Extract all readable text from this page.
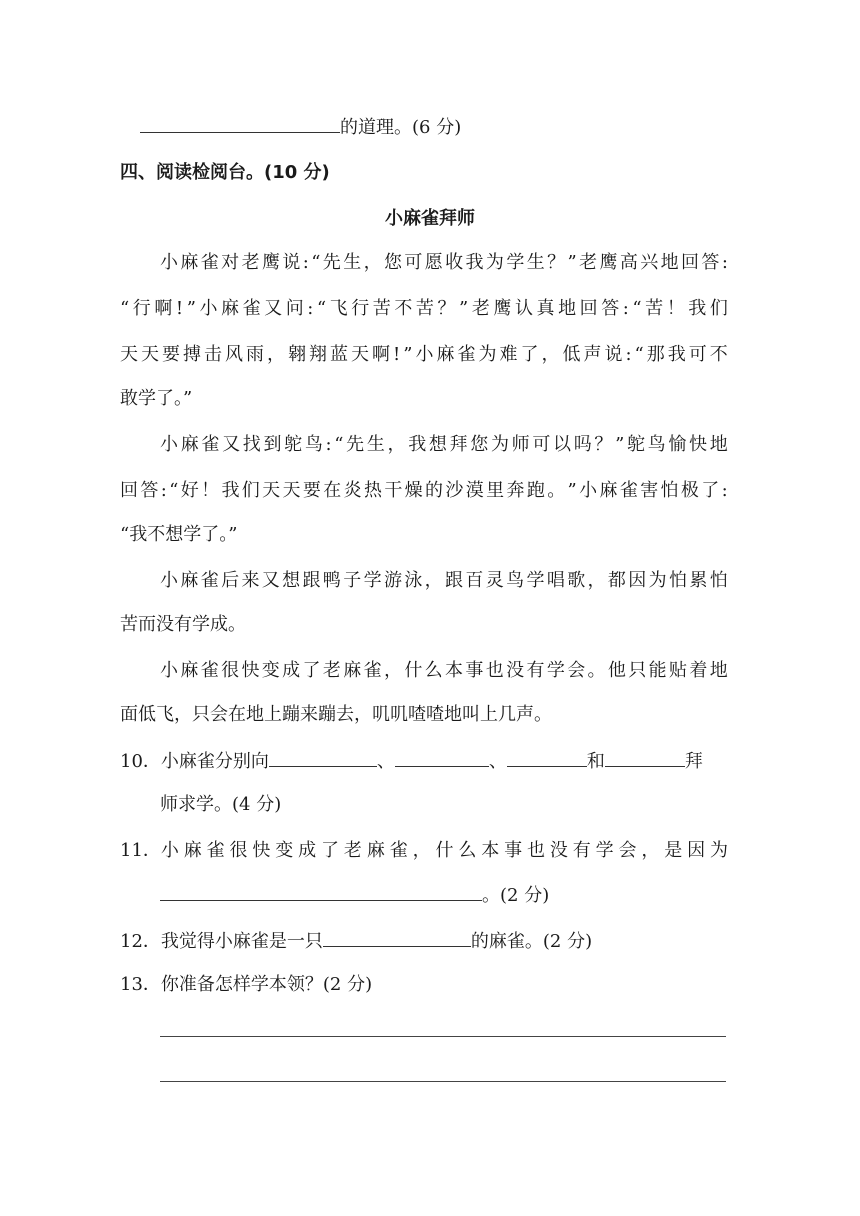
的道理。(6 分)
四、阅读检阅台。(10 分)
小麻雀拜师
小 麻 雀 对 老 鹰 说 : “ 先 生 ， 您 可 愿 收 我 为 学 生 ？ ” 老 鹰 高 兴 地 回 答 :
“ 行 啊 ! ” 小 麻 雀 又 问 : “ 飞 行 苦 不 苦 ？ ” 老 鹰 认 真 地 回 答 : “ 苦 ！ 我 们
天 天 要 搏 击 风 雨 ， 翱 翔 蓝 天 啊 ! ” 小 麻 雀 为 难 了 ， 低 声 说 : “ 那 我 可 不
敢学了。”
小 麻 雀 又 找 到 鸵 鸟 : “ 先 生 ， 我 想 拜 您 为 师 可 以 吗 ？ ” 鸵 鸟 愉 快 地
回 答 : “ 好 ！ 我 们 天 天 要 在 炎 热 干 燥 的 沙 漠 里 奔 跑 。 ” 小 麻 雀 害 怕 极 了 :
“我不想学了。”
小 麻 雀 后 来 又 想 跟 鸭 子 学 游 泳 ， 跟 百 灵 鸟 学 唱 歌 ， 都 因 为 怕 累 怕
苦而没有学成。
小 麻 雀 很 快 变 成 了 老 麻 雀 ， 什 么 本 事 也 没 有 学 会 。 他 只 能 贴 着 地
面低飞，只会在地上蹦来蹦去，叽叽喳喳地叫上几声。
10．小麻雀分别向	、	、	和	拜
师求学。(4 分)
11． 小麻雀很快变成了老麻雀，什么本事也没有学会，是因为
。(2 分)
12．我觉得小麻雀是一只	的麻雀。(2 分)
13．你准备怎样学本领？(2 分)
